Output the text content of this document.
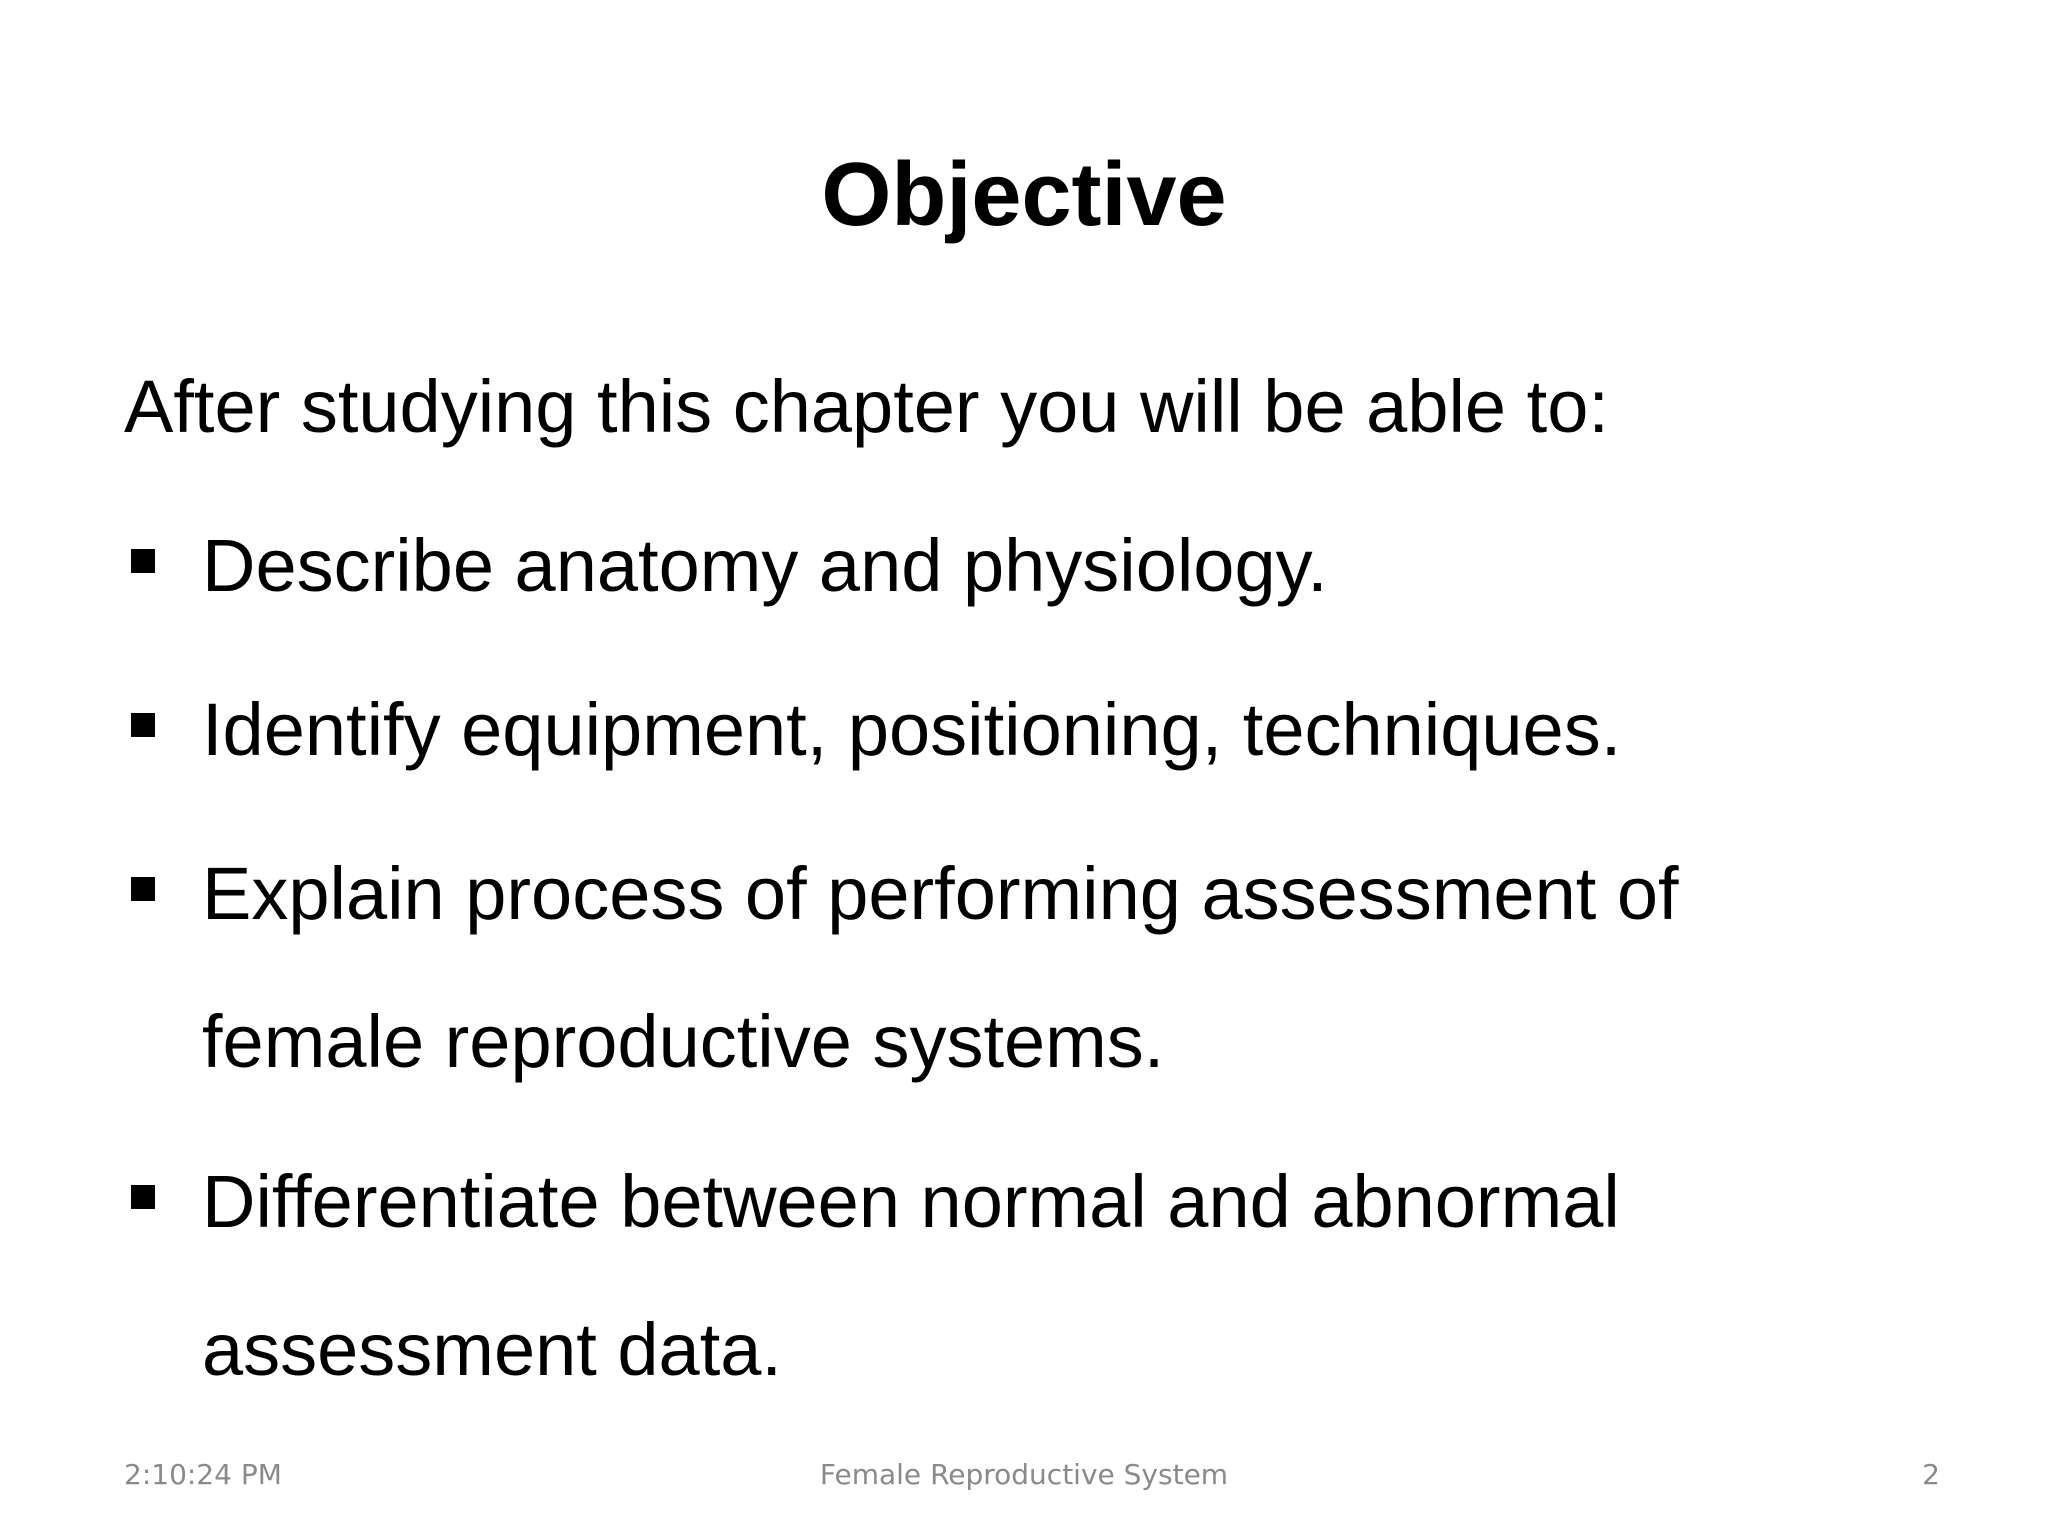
Objective
After studying this chapter you will be able to:
Describe anatomy and physiology.
Identify equipment, positioning, techniques.
Explain process of performing assessment of female reproductive systems.
Differentiate between normal and abnormal assessment data.
2:10:24 PM	Female Reproductive System	2
